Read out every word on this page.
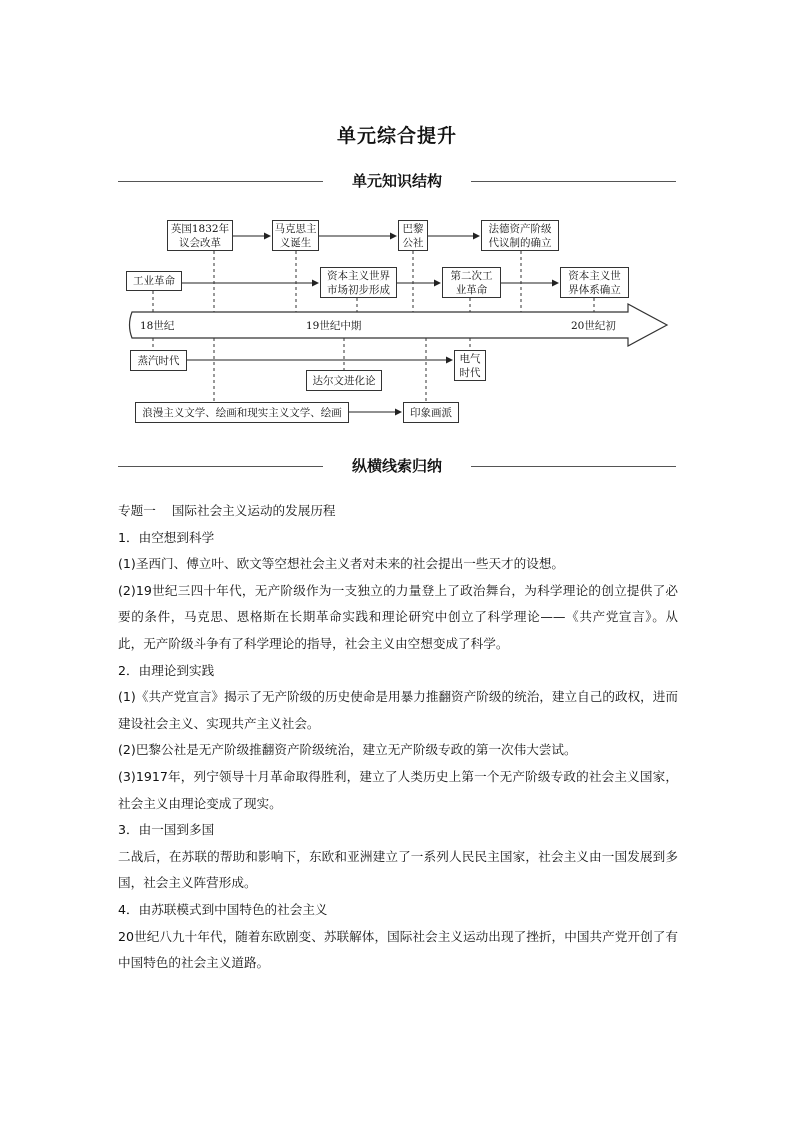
单元综合提升
单元知识结构
英国1832年
议会改革
马克思主
义诞生
巴黎
公社
法德资产阶级
代议制的确立
工业革命	资本主义世界
市场初步形成
第二次工
业革命
资本主义世
界体系确立
18世纪	19世纪中期	20世纪初
蒸汽时代	电气
时代
达尔文进化论
浪漫主义文学、绘画和现实主义文学、绘画	印象画派
纵横线索归纳

专题一 国际社会主义运动的发展历程

1．由空想到科学

(1)圣西门、傅立叶、欧文等空想社会主义者对未来的社会提出一些天才的设想。

(2)19世纪三四十年代，无产阶级作为一支独立的力量登上了政治舞台，为科学理论的创立提供了必要的条件，马克思、恩格斯在长期革命实践和理论研究中创立了科学理论——《共产党宣言》。从此，无产阶级斗争有了科学理论的指导，社会主义由空想变成了科学。

2．由理论到实践

(1)《共产党宣言》揭示了无产阶级的历史使命是用暴力推翻资产阶级的统治，建立自己的政权，进而建设社会主义、实现共产主义社会。

(2)巴黎公社是无产阶级推翻资产阶级统治，建立无产阶级专政的第一次伟大尝试。

(3)1917年，列宁领导十月革命取得胜利，建立了人类历史上第一个无产阶级专政的社会主义国家，社会主义由理论变成了现实。

3．由一国到多国

二战后，在苏联的帮助和影响下，东欧和亚洲建立了一系列人民民主国家，社会主义由一国发展到多国，社会主义阵营形成。

4．由苏联模式到中国特色的社会主义

20世纪八九十年代，随着东欧剧变、苏联解体，国际社会主义运动出现了挫折，中国共产党开创了有中国特色的社会主义道路。
